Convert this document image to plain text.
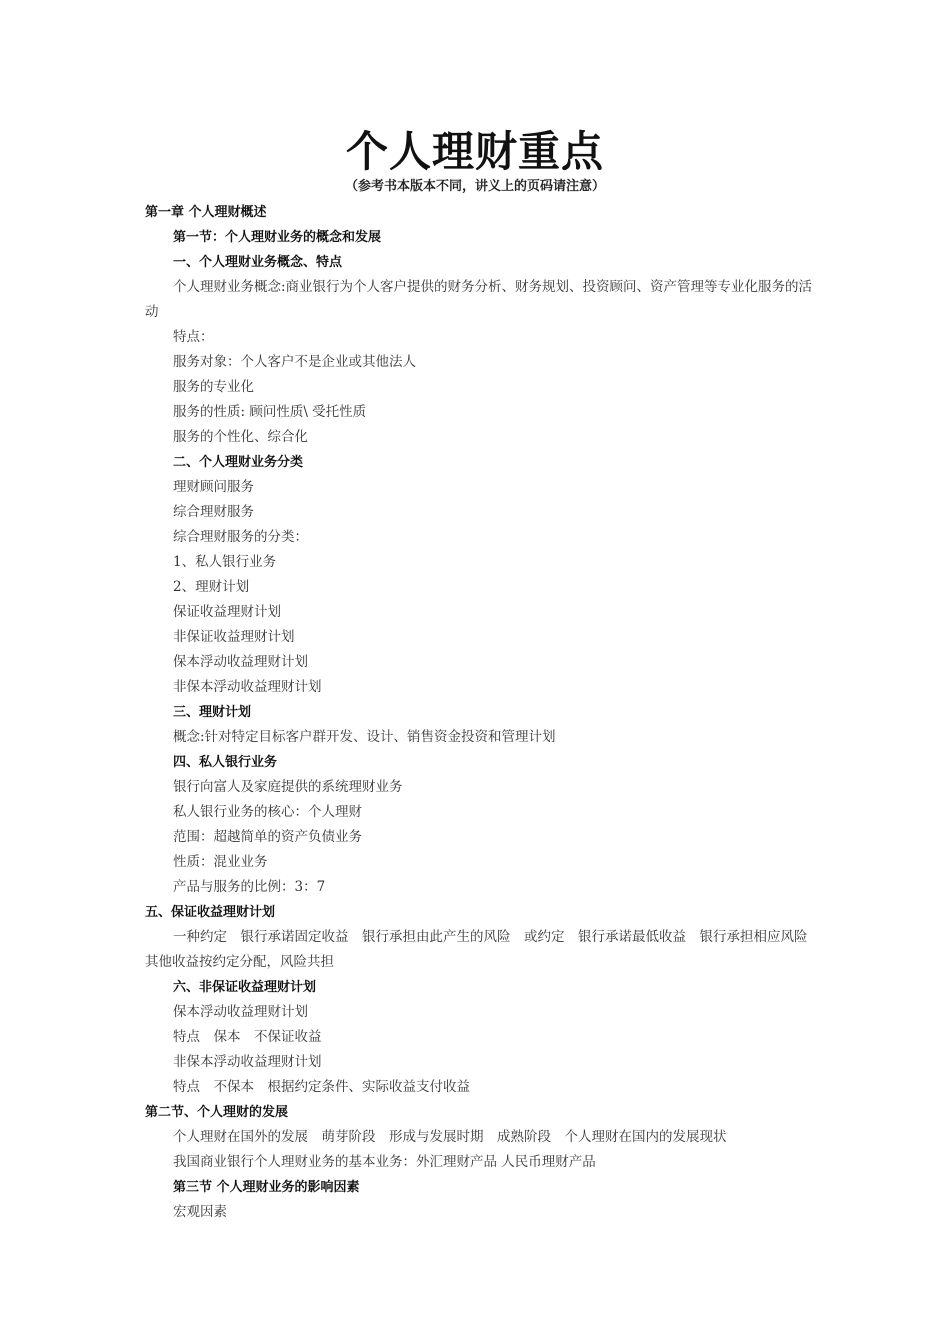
个人理财重点
（参考书本版本不同，讲义上的页码请注意）
第一章 个人理财概述
第一节：个人理财业务的概念和发展
一、个人理财业务概念、特点
个人理财业务概念:商业银行为个人客户提供的财务分析、财务规划、投资顾问、资产管理等专业化服务的活动
特点：
服务对象：个人客户不是企业或其他法人
服务的专业化
服务的性质: 顾问性质\ 受托性质
服务的个性化、综合化
二、个人理财业务分类
理财顾问服务
综合理财服务
综合理财服务的分类：
1、私人银行业务
2、理财计划
保证收益理财计划
非保证收益理财计划
保本浮动收益理财计划
非保本浮动收益理财计划
三、理财计划
概念:针对特定目标客户群开发、设计、销售资金投资和管理计划
四、私人银行业务
银行向富人及家庭提供的系统理财业务
私人银行业务的核心：个人理财
范围：超越简单的资产负债业务
性质：混业业务
产品与服务的比例：3：7
五、保证收益理财计划
一种约定　银行承诺固定收益　银行承担由此产生的风险　或约定　银行承诺最低收益　银行承担相应风险　其他收益按约定分配，风险共担
六、非保证收益理财计划
保本浮动收益理财计划
特点　保本　不保证收益
非保本浮动收益理财计划
特点　不保本　根据约定条件、实际收益支付收益
第二节、个人理财的发展
个人理财在国外的发展　萌芽阶段　形成与发展时期　成熟阶段　个人理财在国内的发展现状
我国商业银行个人理财业务的基本业务：外汇理财产品 人民币理财产品
第三节 个人理财业务的影响因素
宏观因素
